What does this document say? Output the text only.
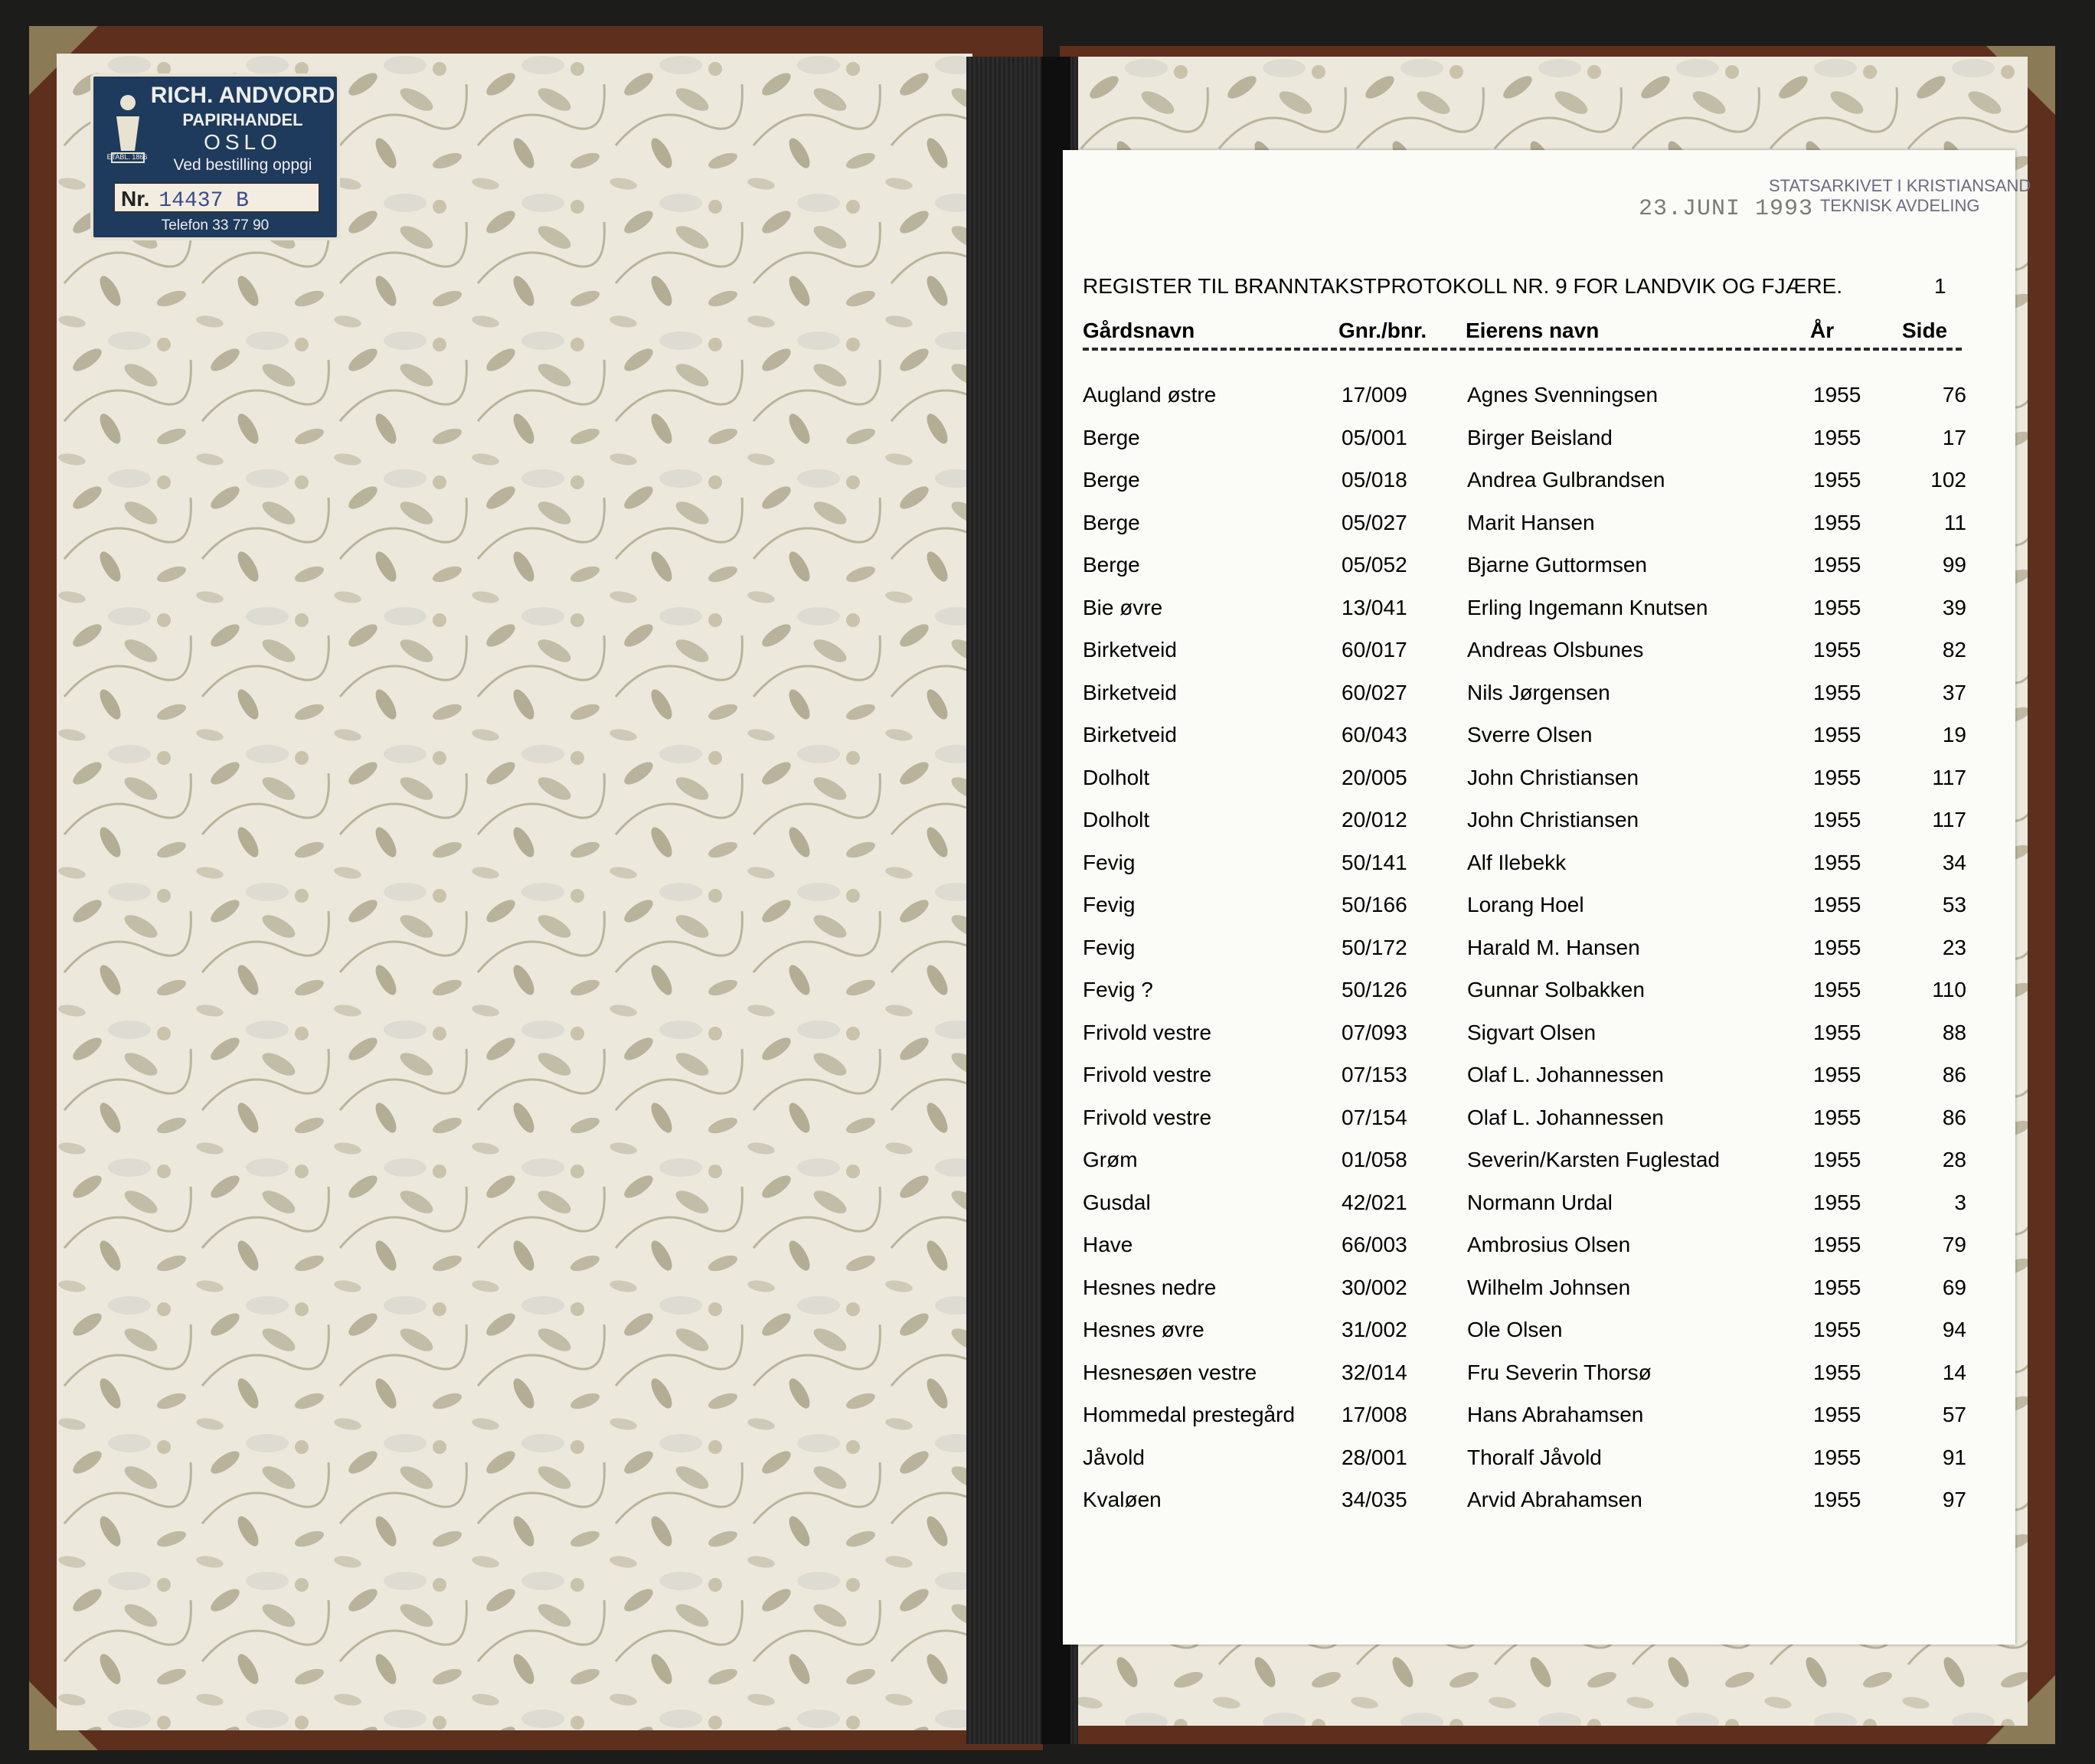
ETABL. 1866
RICH. ANDVORD
PAPIRHANDEL
OSLO
Ved bestilling oppgi
Nr. 14437 B
Telefon 33 77 90
23.JUNI 1993
STATSARKIVET I KRISTIANSAND
TEKNISK AVDELING
REGISTER TIL BRANNTAKSTPROTOKOLL NR. 9 FOR LANDVIK OG FJÆRE.	1
Gårdsnavn	Gnr./bnr. Eierens navn	År	Side
Augland østre	17/009	Agnes Svenningsen	1955	76
Berge	05/001	Birger Beisland	1955	17
Berge	05/018	Andrea Gulbrandsen	1955	102
Berge	05/027	Marit Hansen	1955	11
Berge	05/052	Bjarne Guttormsen	1955	99
Bie øvre	13/041	Erling Ingemann Knutsen	1955	39
Birketveid	60/017	Andreas Olsbunes	1955	82
Birketveid	60/027	Nils Jørgensen	1955	37
Birketveid	60/043	Sverre Olsen	1955	19
Dolholt	20/005	John Christiansen	1955	117
Dolholt	20/012	John Christiansen	1955	117
Fevig	50/141	Alf Ilebekk	1955	34
Fevig	50/166	Lorang Hoel	1955	53
Fevig	50/172	Harald M. Hansen	1955	23
Fevig ?	50/126	Gunnar Solbakken	1955	110
Frivold vestre	07/093	Sigvart Olsen	1955	88
Frivold vestre	07/153	Olaf L. Johannessen	1955	86
Frivold vestre	07/154	Olaf L. Johannessen	1955	86
Grøm	01/058	Severin/Karsten Fuglestad	1955	28
Gusdal	42/021	Normann Urdal	1955	3
Have	66/003	Ambrosius Olsen	1955	79
Hesnes nedre	30/002	Wilhelm Johnsen	1955	69
Hesnes øvre	31/002	Ole Olsen	1955	94
Hesnesøen vestre	32/014	Fru Severin Thorsø	1955	14
Hommedal prestegård 17/008	Hans Abrahamsen	1955	57
Jåvold	28/001	Thoralf Jåvold	1955	91
Kvaløen	34/035	Arvid Abrahamsen	1955	97
